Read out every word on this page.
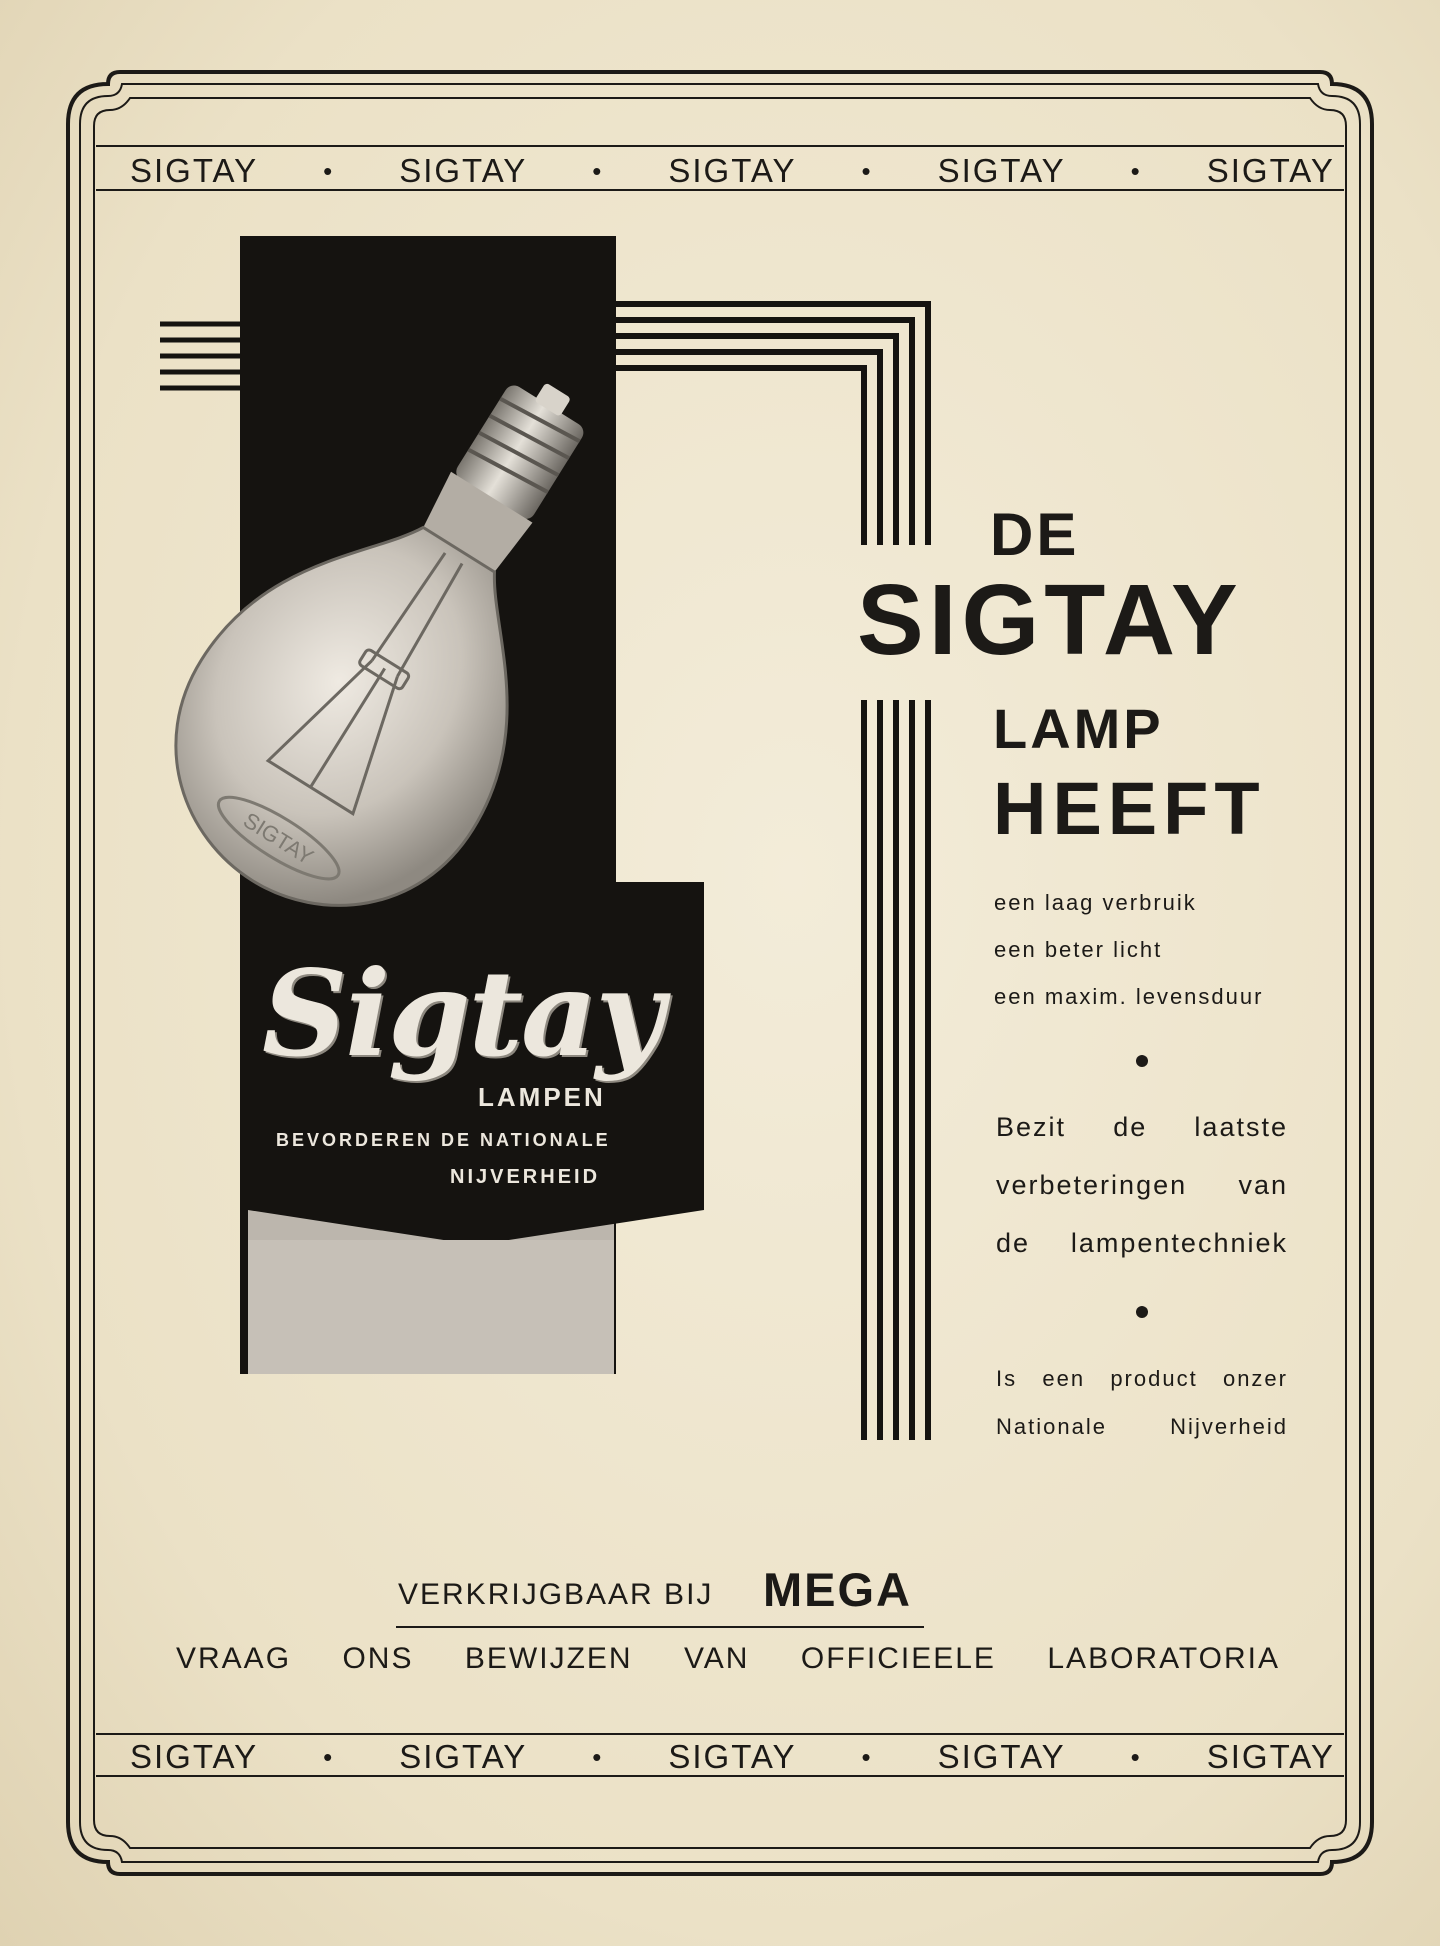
SIGTAY • SIGTAY • SIGTAY • SIGTAY • SIGTAY
SIGTAY
Sigtay
LAMPEN
BEVORDEREN DE NATIONALE
NIJVERHEID
DE
SIGTAY
LAMP
HEEFT
een laag verbruik
een beter licht
een maxim. levensduur
Bezit de laatste
verbeteringen van
de lampentechniek
Is een product onzer
Nationale Nijverheid
VERKRIJGBAAR BIJ MEGA
VRAAG ONS BEWIJZEN VAN OFFICIEELE LABORATORIA
SIGTAY • SIGTAY • SIGTAY • SIGTAY • SIGTAY
